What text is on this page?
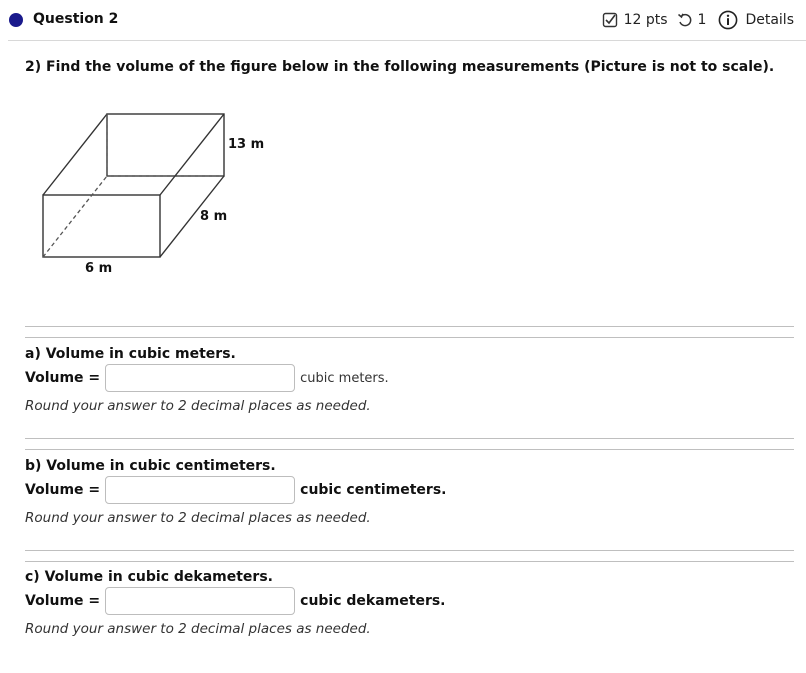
Question 2	12 pts 1	Details
2) Find the volume of the figure below in the following measurements (Picture is not to scale).
13 m
8 m
6 m
a) Volume in cubic meters.
Volume =	cubic meters.
Round your answer to 2 decimal places as needed.
b) Volume in cubic centimeters.
Volume =	cubic centimeters.
Round your answer to 2 decimal places as needed.
c) Volume in cubic dekameters.
Volume =	cubic dekameters.
Round your answer to 2 decimal places as needed.
